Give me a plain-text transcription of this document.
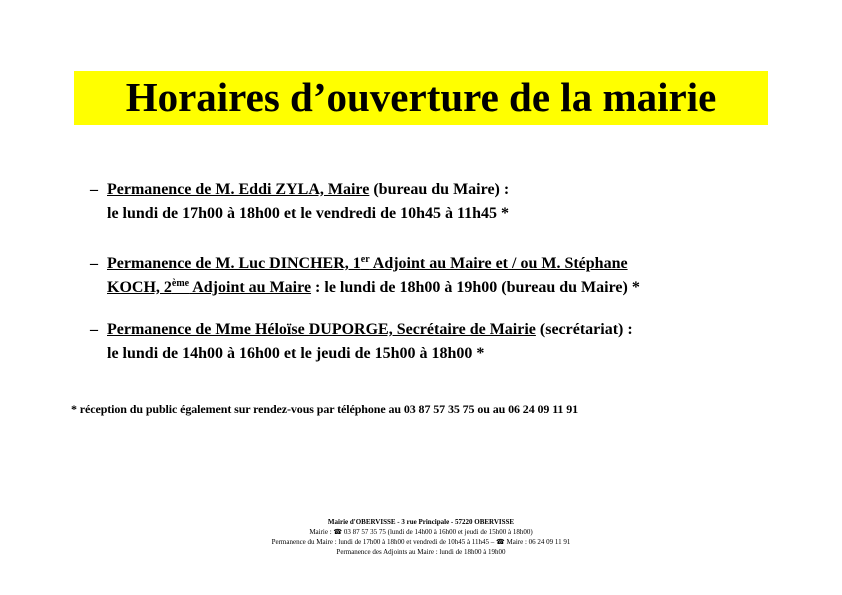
Horaires d’ouverture de la mairie
– Permanence de M. Eddi ZYLA, Maire (bureau du Maire) :
le lundi de 17h00 à 18h00 et le vendredi de 10h45 à 11h45 *
– Permanence de M. Luc DINCHER, 1er Adjoint au Maire et / ou M. Stéphane
KOCH, 2ème Adjoint au Maire : le lundi de 18h00 à 19h00 (bureau du Maire) *
– Permanence de Mme Héloïse DUPORGE, Secrétaire de Mairie (secrétariat) :
le lundi de 14h00 à 16h00 et le jeudi de 15h00 à 18h00 *
* réception du public également sur rendez-vous par téléphone au 03 87 57 35 75 ou au 06 24 09 11 91
Mairie d'OBERVISSE - 3 rue Principale - 57220 OBERVISSE
Mairie : ☎ 03 87 57 35 75 (lundi de 14h00 à 16h00 et jeudi de 15h00 à 18h00)
Permanence du Maire : lundi de 17h00 à 18h00 et vendredi de 10h45 à 11h45 – ☎ Maire : 06 24 09 11 91
Permanence des Adjoints au Maire : lundi de 18h00 à 19h00
